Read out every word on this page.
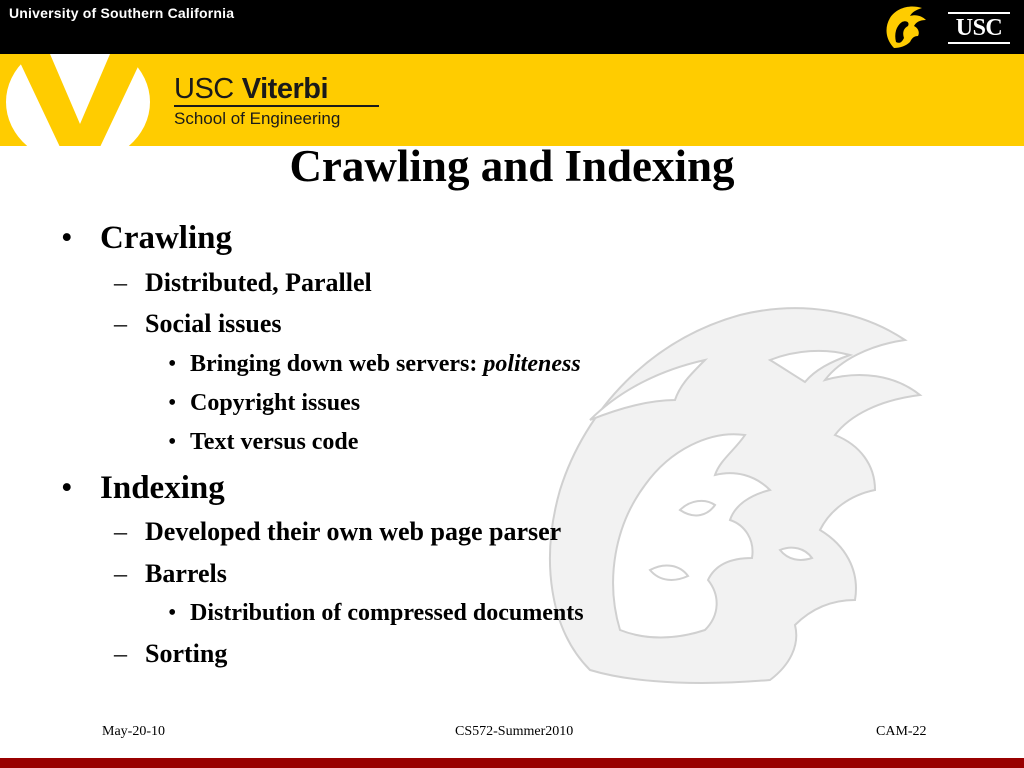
University of Southern California
USC
USC Viterbi
School of Engineering
Crawling and Indexing
• Crawling
– Distributed, Parallel
– Social issues
• Bringing down web servers: politeness
• Copyright issues
• Text versus code
• Indexing
– Developed their own web page parser
– Barrels
• Distribution of compressed documents
– Sorting
May-20-10	CS572-Summer2010	CAM-22
